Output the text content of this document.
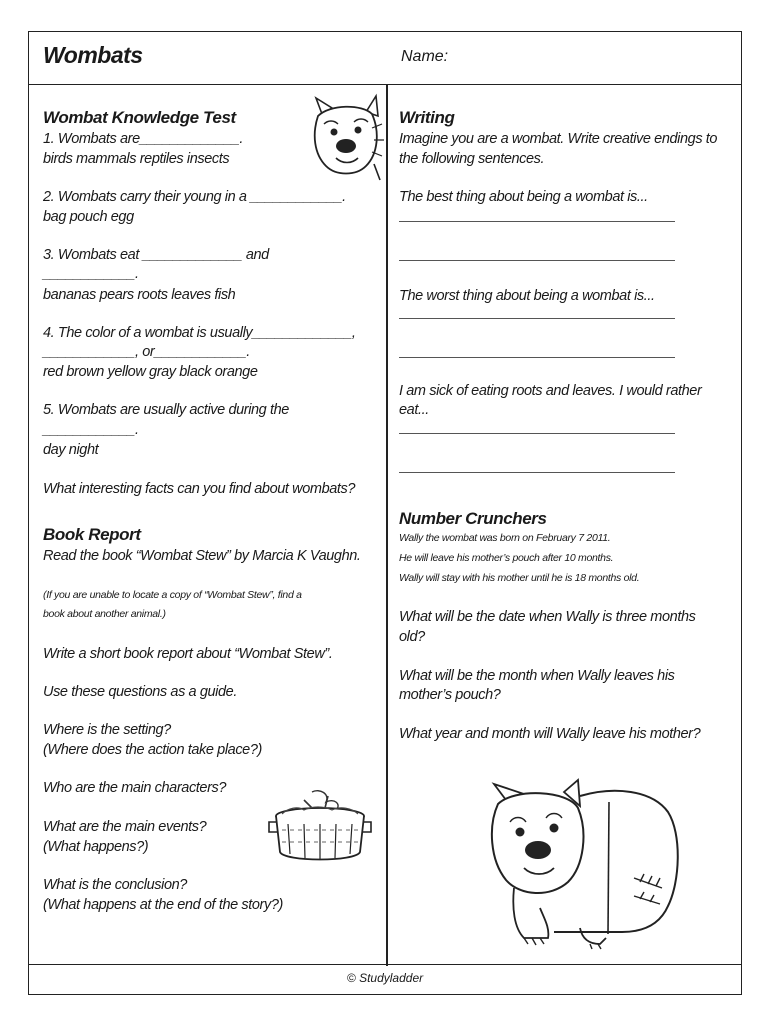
Wombats	Name:
© Studyladder
Wombat Knowledge Test
1. Wombats are_____________.
birds mammals reptiles insects
2. Wombats carry their young in a ____________.
bag pouch egg
3. Wombats eat _____________ and
____________.
bananas pears roots leaves fish
4. The color of a wombat is usually_____________,
____________, or____________.
red brown yellow gray black orange
5. Wombats are usually active during the
____________.
day night
What interesting facts can you find about wombats?
Book Report
Read the book “Wombat Stew” by Marcia K Vaughn.
(If you are unable to locate a copy of “Wombat Stew”, find a
book about another animal.)
Write a short book report about “Wombat Stew”.
Use these questions as a guide.
Where is the setting?
(Where does the action take place?)
Who are the main characters?
What are the main events?
(What happens?)
What is the conclusion?
(What happens at the end of the story?)
Writing
Imagine you are a wombat. Write creative endings to
the following sentences.
The best thing about being a wombat is...
The worst thing about being a wombat is...
I am sick of eating roots and leaves. I would rather
eat...
Number Crunchers
Wally the wombat was born on February 7 2011.
He will leave his mother’s pouch after 10 months.
Wally will stay with his mother until he is 18 months old.
What will be the date when Wally is three months
old?
What will be the month when Wally leaves his
mother’s pouch?
What year and month will Wally leave his mother?
